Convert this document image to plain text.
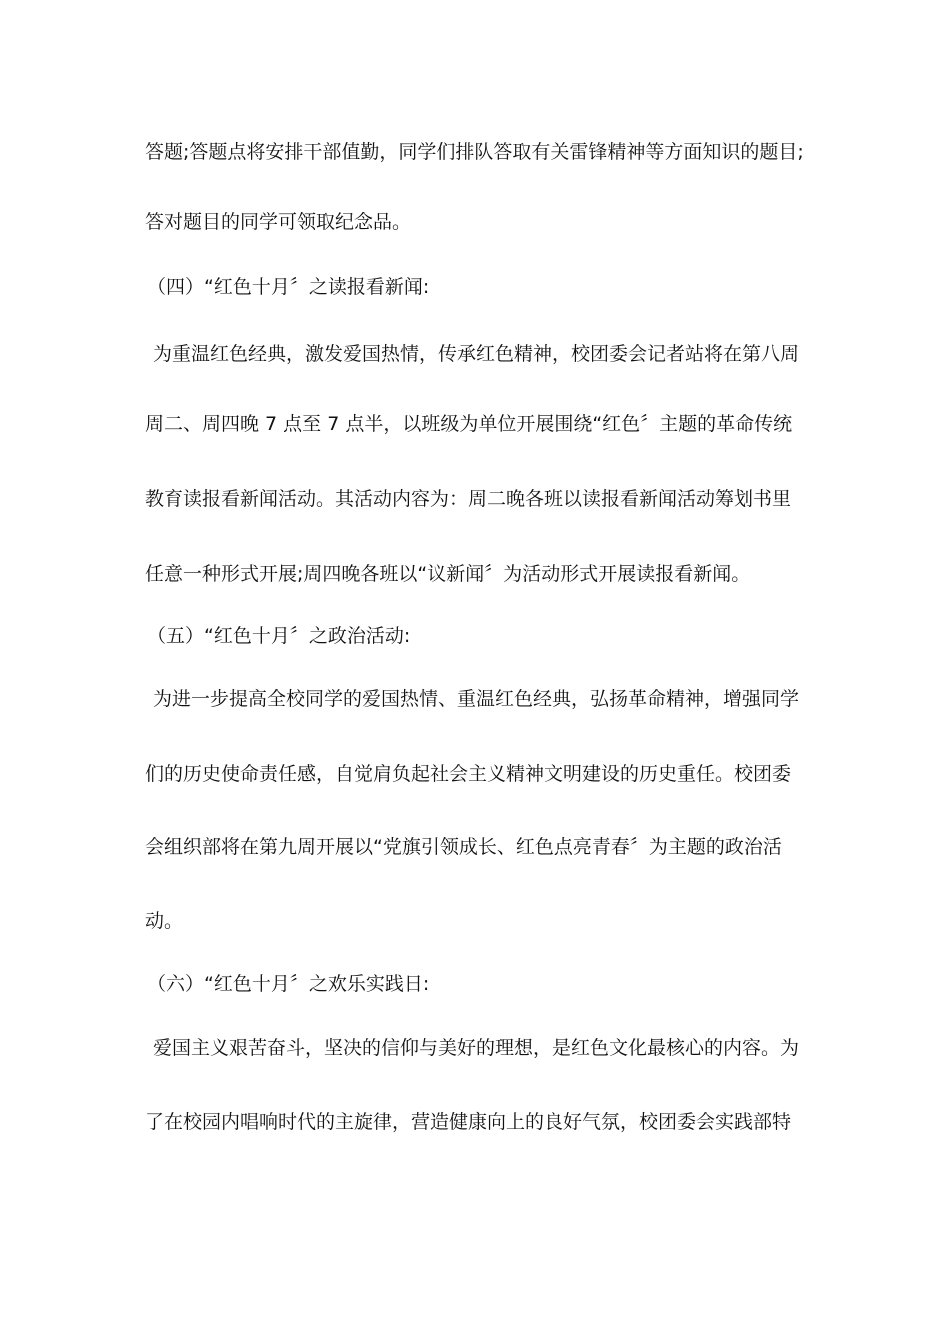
答题;答题点将安排干部值勤，同学们排队答取有关雷锋精神等方面知识的题目;
答对题目的同学可领取纪念品。
（四）“红色十月〞之读报看新闻:
为重温红色经典，激发爱国热情，传承红色精神，校团委会记者站将在第八周
周二、周四晚 7 点至 7 点半，以班级为单位开展围绕“红色〞主题的革命传统
教育读报看新闻活动。其活动内容为：周二晚各班以读报看新闻活动筹划书里
任意一种形式开展;周四晚各班以“议新闻〞为活动形式开展读报看新闻。
（五）“红色十月〞之政治活动:
为进一步提高全校同学的爱国热情、重温红色经典，弘扬革命精神，增强同学
们的历史使命责任感，自觉肩负起社会主义精神文明建设的历史重任。校团委
会组织部将在第九周开展以“党旗引领成长、红色点亮青春〞为主题的政治活
动。
（六）“红色十月〞之欢乐实践日:
爱国主义艰苦奋斗，坚决的信仰与美好的理想，是红色文化最核心的内容。为
了在校园内唱响时代的主旋律，营造健康向上的良好气氛，校团委会实践部特
